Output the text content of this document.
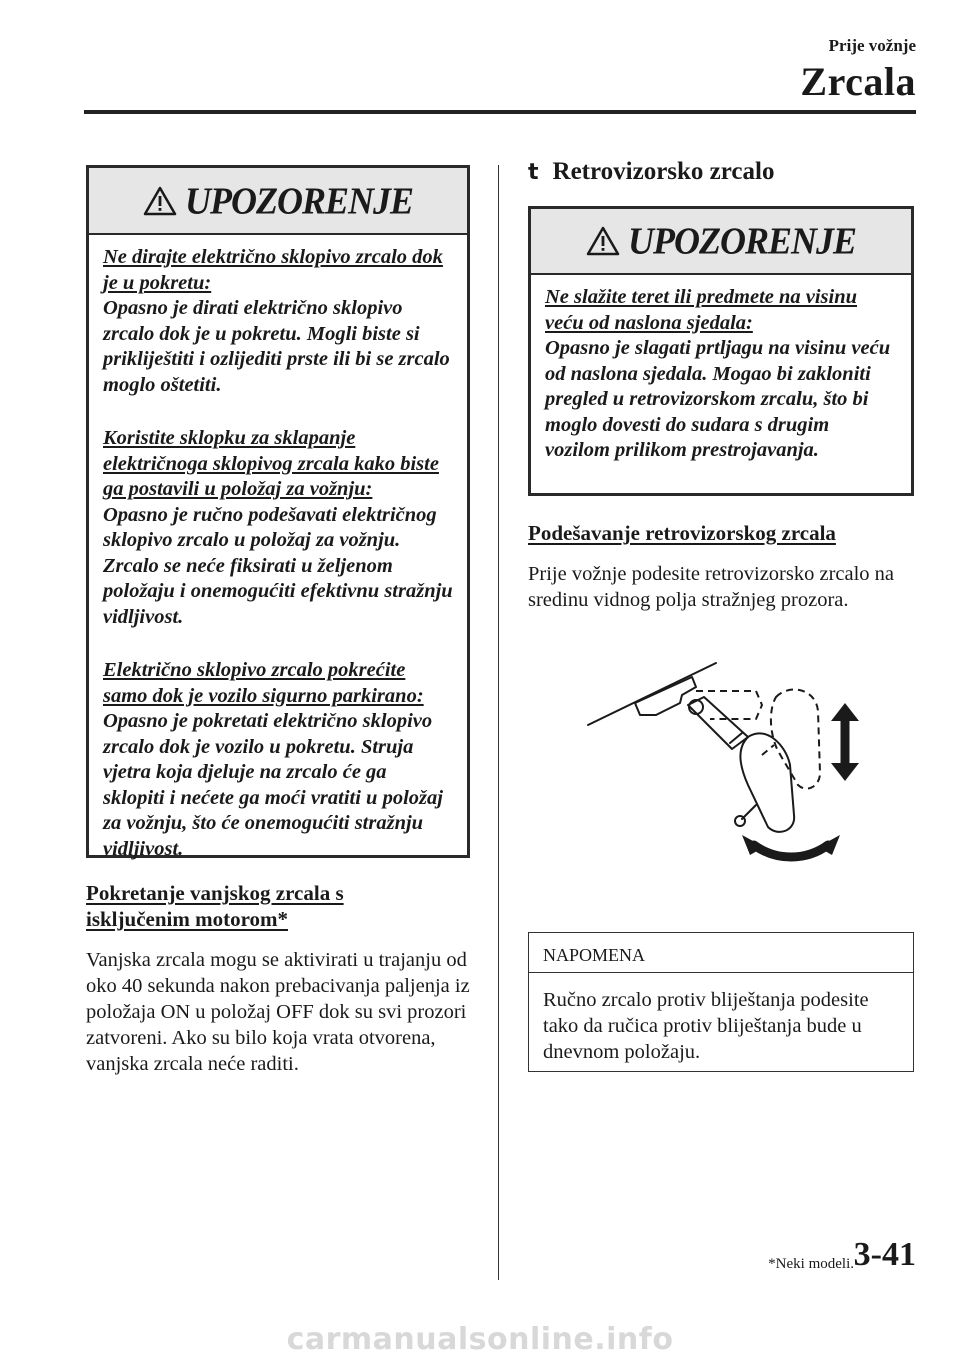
Prije vožnje
Zrcala
UPOZORENJE
Ne dirajte električno sklopivo zrcalo dok je u pokretu:
Opasno je dirati električno sklopivo zrcalo dok je u pokretu. Mogli biste si prikliještiti i ozlijediti prste ili bi se zrcalo moglo oštetiti.
Koristite sklopku za sklapanje električnoga sklopivog zrcala kako biste ga postavili u položaj za vožnju:
Opasno je ručno podešavati električnog sklopivo zrcalo u položaj za vožnju. Zrcalo se neće fiksirati u željenom položaju i onemogućiti efektivnu stražnju vidljivost.
Električno sklopivo zrcalo pokrećite samo dok je vozilo sigurno parkirano:
Opasno je pokretati električno sklopivo zrcalo dok je vozilo u pokretu. Struja vjetra koja djeluje na zrcalo će ga sklopiti i nećete ga moći vratiti u položaj za vožnju, što će onemogućiti stražnju vidljivost.
Pokretanje vanjskog zrcala s isključenim motorom*
Vanjska zrcala mogu se aktivirati u trajanju od oko 40 sekunda nakon prebacivanja paljenja iz položaja ON u položaj OFF dok su svi prozori zatvoreni. Ako su bilo koja vrata otvorena, vanjska zrcala neće raditi.
t Retrovizorsko zrcalo
UPOZORENJE
Ne slažite teret ili predmete na visinu veću od naslona sjedala:
Opasno je slagati prtljagu na visinu veću od naslona sjedala. Mogao bi zakloniti pregled u retrovizorskom zrcalu, što bi moglo dovesti do sudara s drugim vozilom prilikom prestrojavanja.
Podešavanje retrovizorskog zrcala
Prije vožnje podesite retrovizorsko zrcalo na sredinu vidnog polja stražnjeg prozora.
NAPOMENA
Ručno zrcalo protiv bliještanja podesite tako da ručica protiv bliještanja bude u dnevnom položaju.
*Neki modeli. 3-41
carmanualsonline.info
